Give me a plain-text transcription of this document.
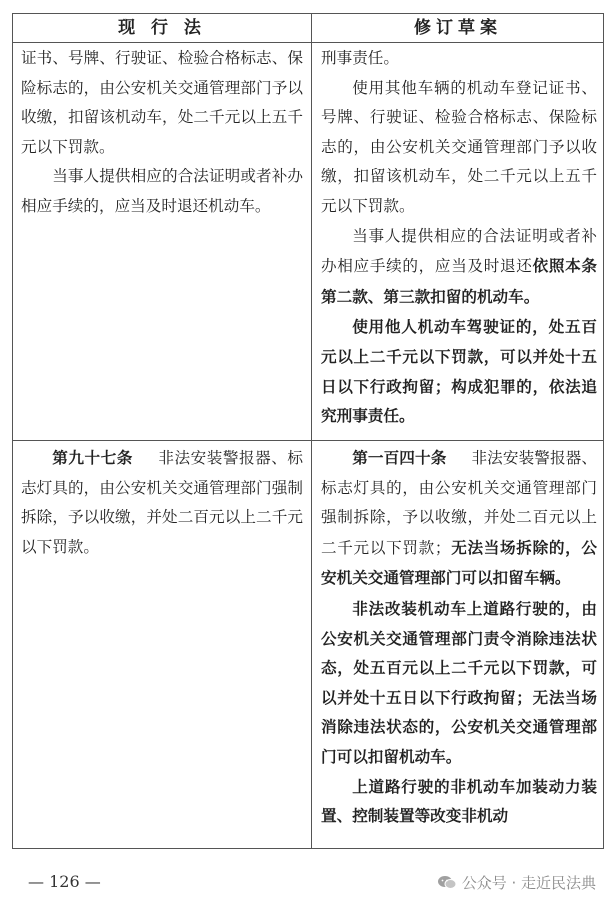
现 行 法	修订草案

证书、号牌、行驶证、检验合格标志、保险标志的，由公安机关交通管理部门予以收缴，扣留该机动车，处二千元以上五千元以下罚款。

当事人提供相应的合法证明或者补办相应手续的，应当及时退还机动车。

刑事责任。

使用其他车辆的机动车登记证书、号牌、行驶证、检验合格标志、保险标志的，由公安机关交通管理部门予以收缴，扣留该机动车，处二千元以上五千元以下罚款。

当事人提供相应的合法证明或者补办相应手续的，应当及时退还依照本条第二款、第三款扣留的机动车。

使用他人机动车驾驶证的，处五百元以上二千元以下罚款，可以并处十五日以下行政拘留；构成犯罪的，依法追究刑事责任。

第九十七条 非法安装警报器、标志灯具的，由公安机关交通管理部门强制拆除，予以收缴，并处二百元以上二千元以下罚款。

第一百四十条 非法安装警报器、标志灯具的，由公安机关交通管理部门强制拆除，予以收缴，并处二百元以上二千元以下罚款；无法当场拆除的，公安机关交通管理部门可以扣留车辆。

非法改装机动车上道路行驶的，由公安机关交通管理部门责令消除违法状态，处五百元以上二千元以下罚款，可以并处十五日以下行政拘留；无法当场消除违法状态的，公安机关交通管理部门可以扣留机动车。

上道路行驶的非机动车加装动力装置、控制装置等改变非机动

— 126 —	公众号 · 走近民法典
